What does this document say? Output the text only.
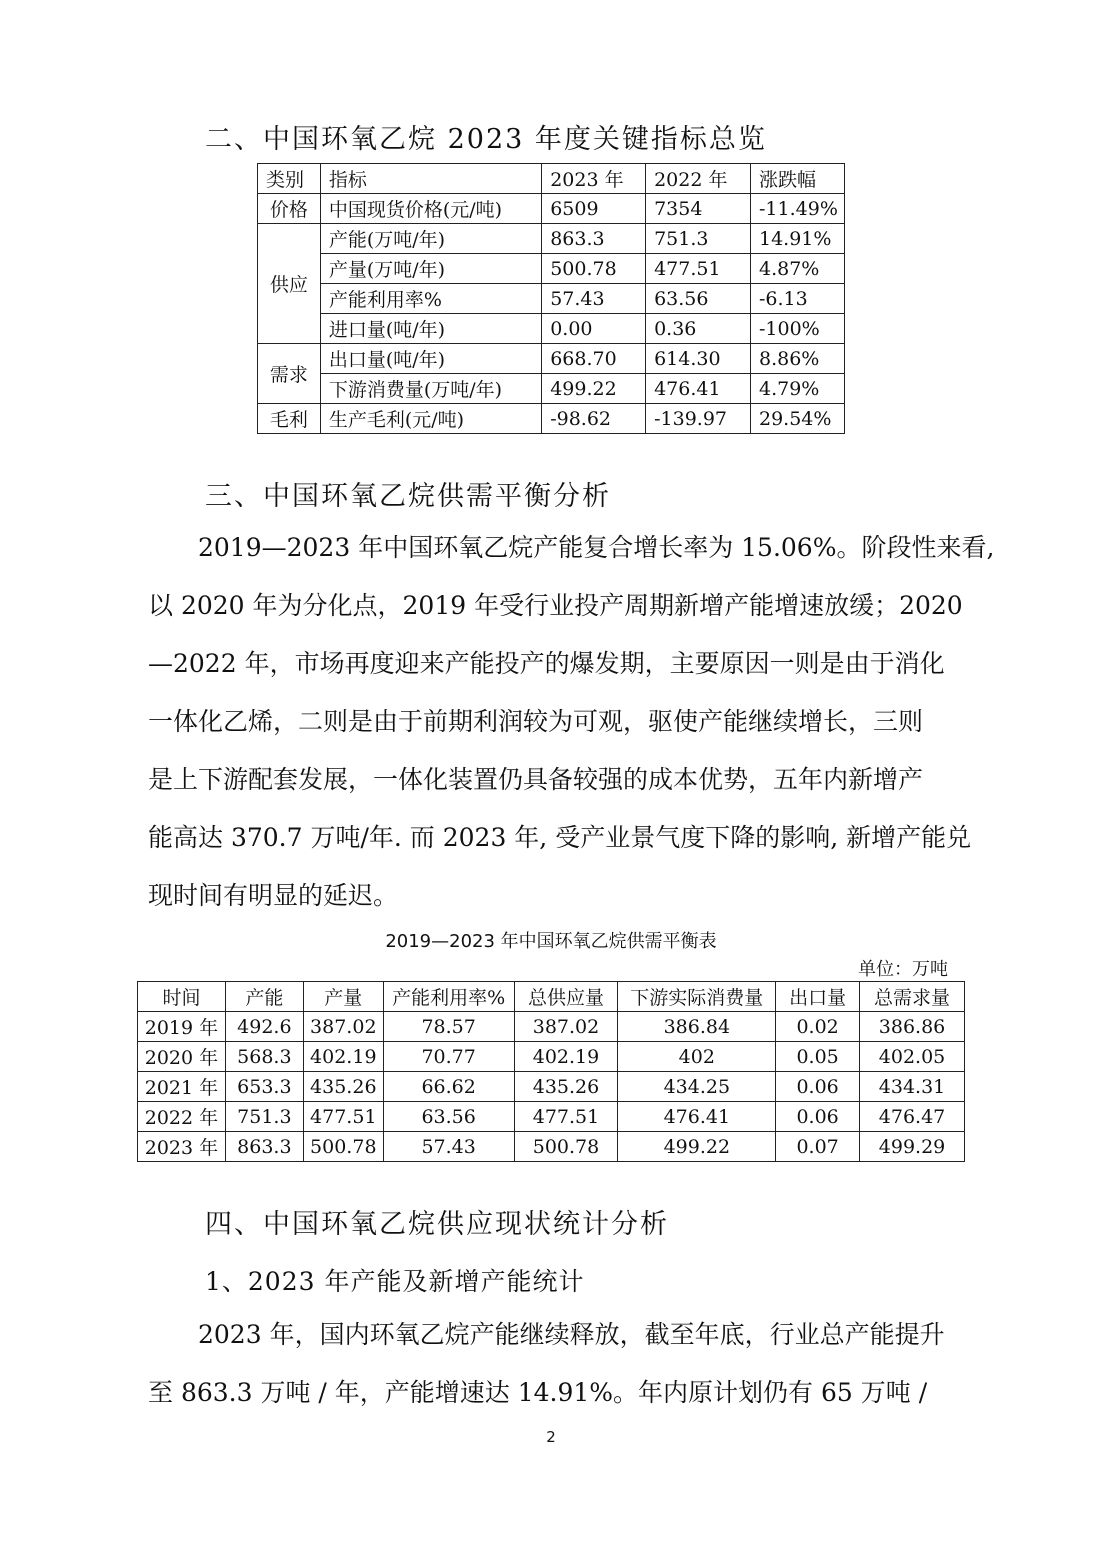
二、中国环氧乙烷 2023 年度关键指标总览
类别	指标	2023 年	2022 年	涨跌幅
价格	中国现货价格(元/吨)	6509	7354	-11.49%
供应	产能(万吨/年)	863.3	751.3	14.91%
	产量(万吨/年)	500.78	477.51	4.87%
	产能利用率%	57.43	63.56	-6.13
	进口量(吨/年)	0.00	0.36	-100%
需求	出口量(吨/年)	668.70	614.30	8.86%
	下游消费量(万吨/年)	499.22	476.41	4.79%
毛利	生产毛利(元/吨)	-98.62	-139.97	29.54%
三、中国环氧乙烷供需平衡分析
2019—2023 年中国环氧乙烷产能复合增长率为 15.06%。阶段性来看,
以 2020 年为分化点，2019 年受行业投产周期新增产能增速放缓；2020
—2022 年，市场再度迎来产能投产的爆发期，主要原因一则是由于消化
一体化乙烯，二则是由于前期利润较为可观，驱使产能继续增长，三则
是上下游配套发展，一体化装置仍具备较强的成本优势，五年内新增产
能高达 370.7 万吨/年. 而 2023 年, 受产业景气度下降的影响, 新增产能兑
现时间有明显的延迟。
2019—2023 年中国环氧乙烷供需平衡表
单位：万吨
时间	产能	产量	产能利用率%	总供应量	下游实际消费量	出口量	总需求量
2019 年	492.6	387.02	78.57	387.02	386.84	0.02	386.86
2020 年	568.3	402.19	70.77	402.19	402	0.05	402.05
2021 年	653.3	435.26	66.62	435.26	434.25	0.06	434.31
2022 年	751.3	477.51	63.56	477.51	476.41	0.06	476.47
2023 年	863.3	500.78	57.43	500.78	499.22	0.07	499.29
四、中国环氧乙烷供应现状统计分析
1、2023 年产能及新增产能统计
2023 年，国内环氧乙烷产能继续释放，截至年底，行业总产能提升
至 863.3 万吨 / 年，产能增速达 14.91%。年内原计划仍有 65 万吨 /
2
